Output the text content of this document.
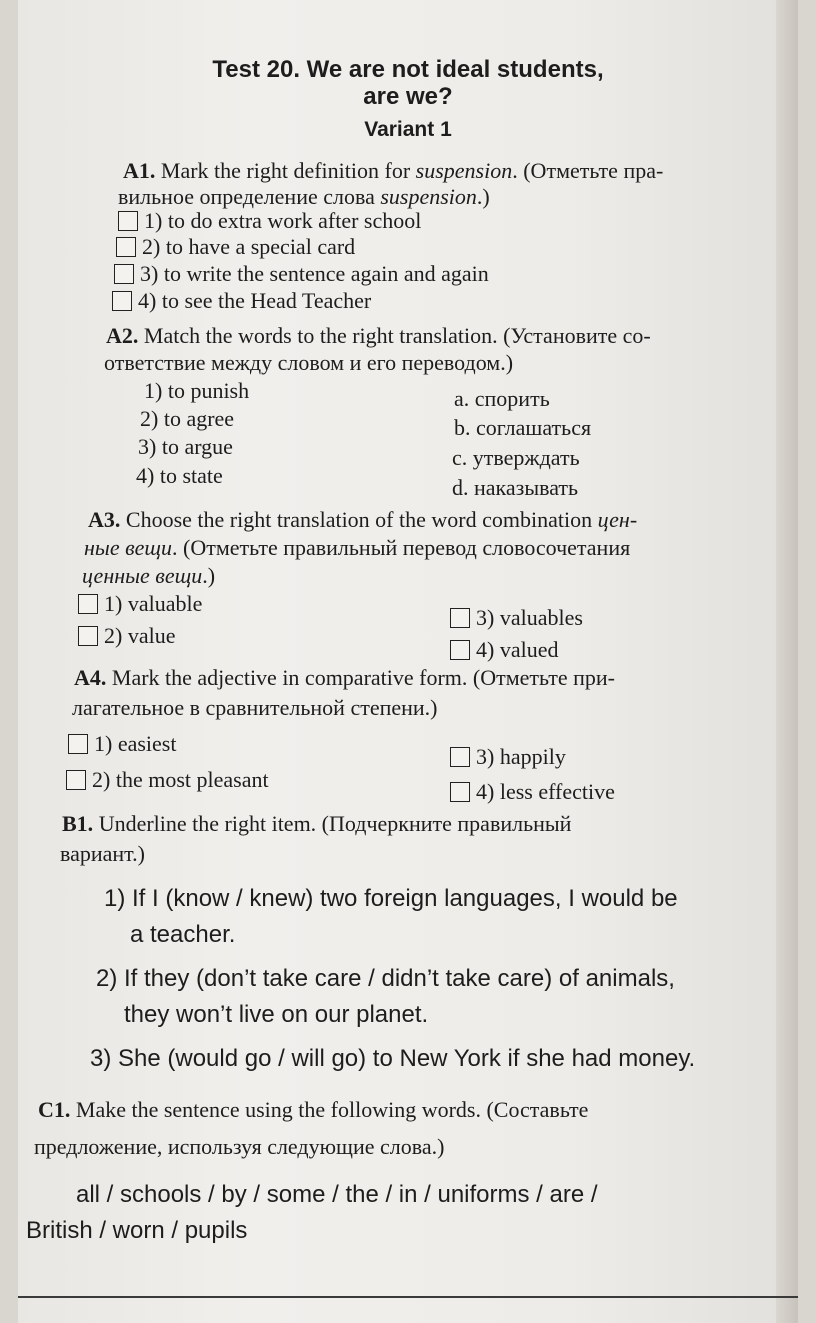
Test 20. We are not ideal students,
are we?
Variant 1
A1. Mark the right definition for suspension. (Отметьте пра-
вильное определение слова suspension.)
1) to do extra work after school
2) to have a special card
3) to write the sentence again and again
4) to see the Head Teacher
A2. Match the words to the right translation. (Установите со-
ответствие между словом и его переводом.)
1) to punish
2) to agree
3) to argue
4) to state
a. спорить
b. соглашаться
c. утверждать
d. наказывать
A3. Choose the right translation of the word combination цен-
ные вещи. (Отметьте правильный перевод словосочетания
ценные вещи.)
1) valuable
2) value
3) valuables
4) valued
A4. Mark the adjective in comparative form. (Отметьте при-
лагательное в сравнительной степени.)
1) easiest
2) the most pleasant
3) happily
4) less effective
B1. Underline the right item. (Подчеркните правильный
вариант.)
1) If I (know / knew) two foreign languages, I would be
a teacher.
2) If they (don’t take care / didn’t take care) of animals,
they won’t live on our planet.
3) She (would go / will go) to New York if she had money.
C1. Make the sentence using the following words. (Составьте
предложение, используя следующие слова.)
all / schools / by / some / the / in / uniforms / are /
British / worn / pupils
